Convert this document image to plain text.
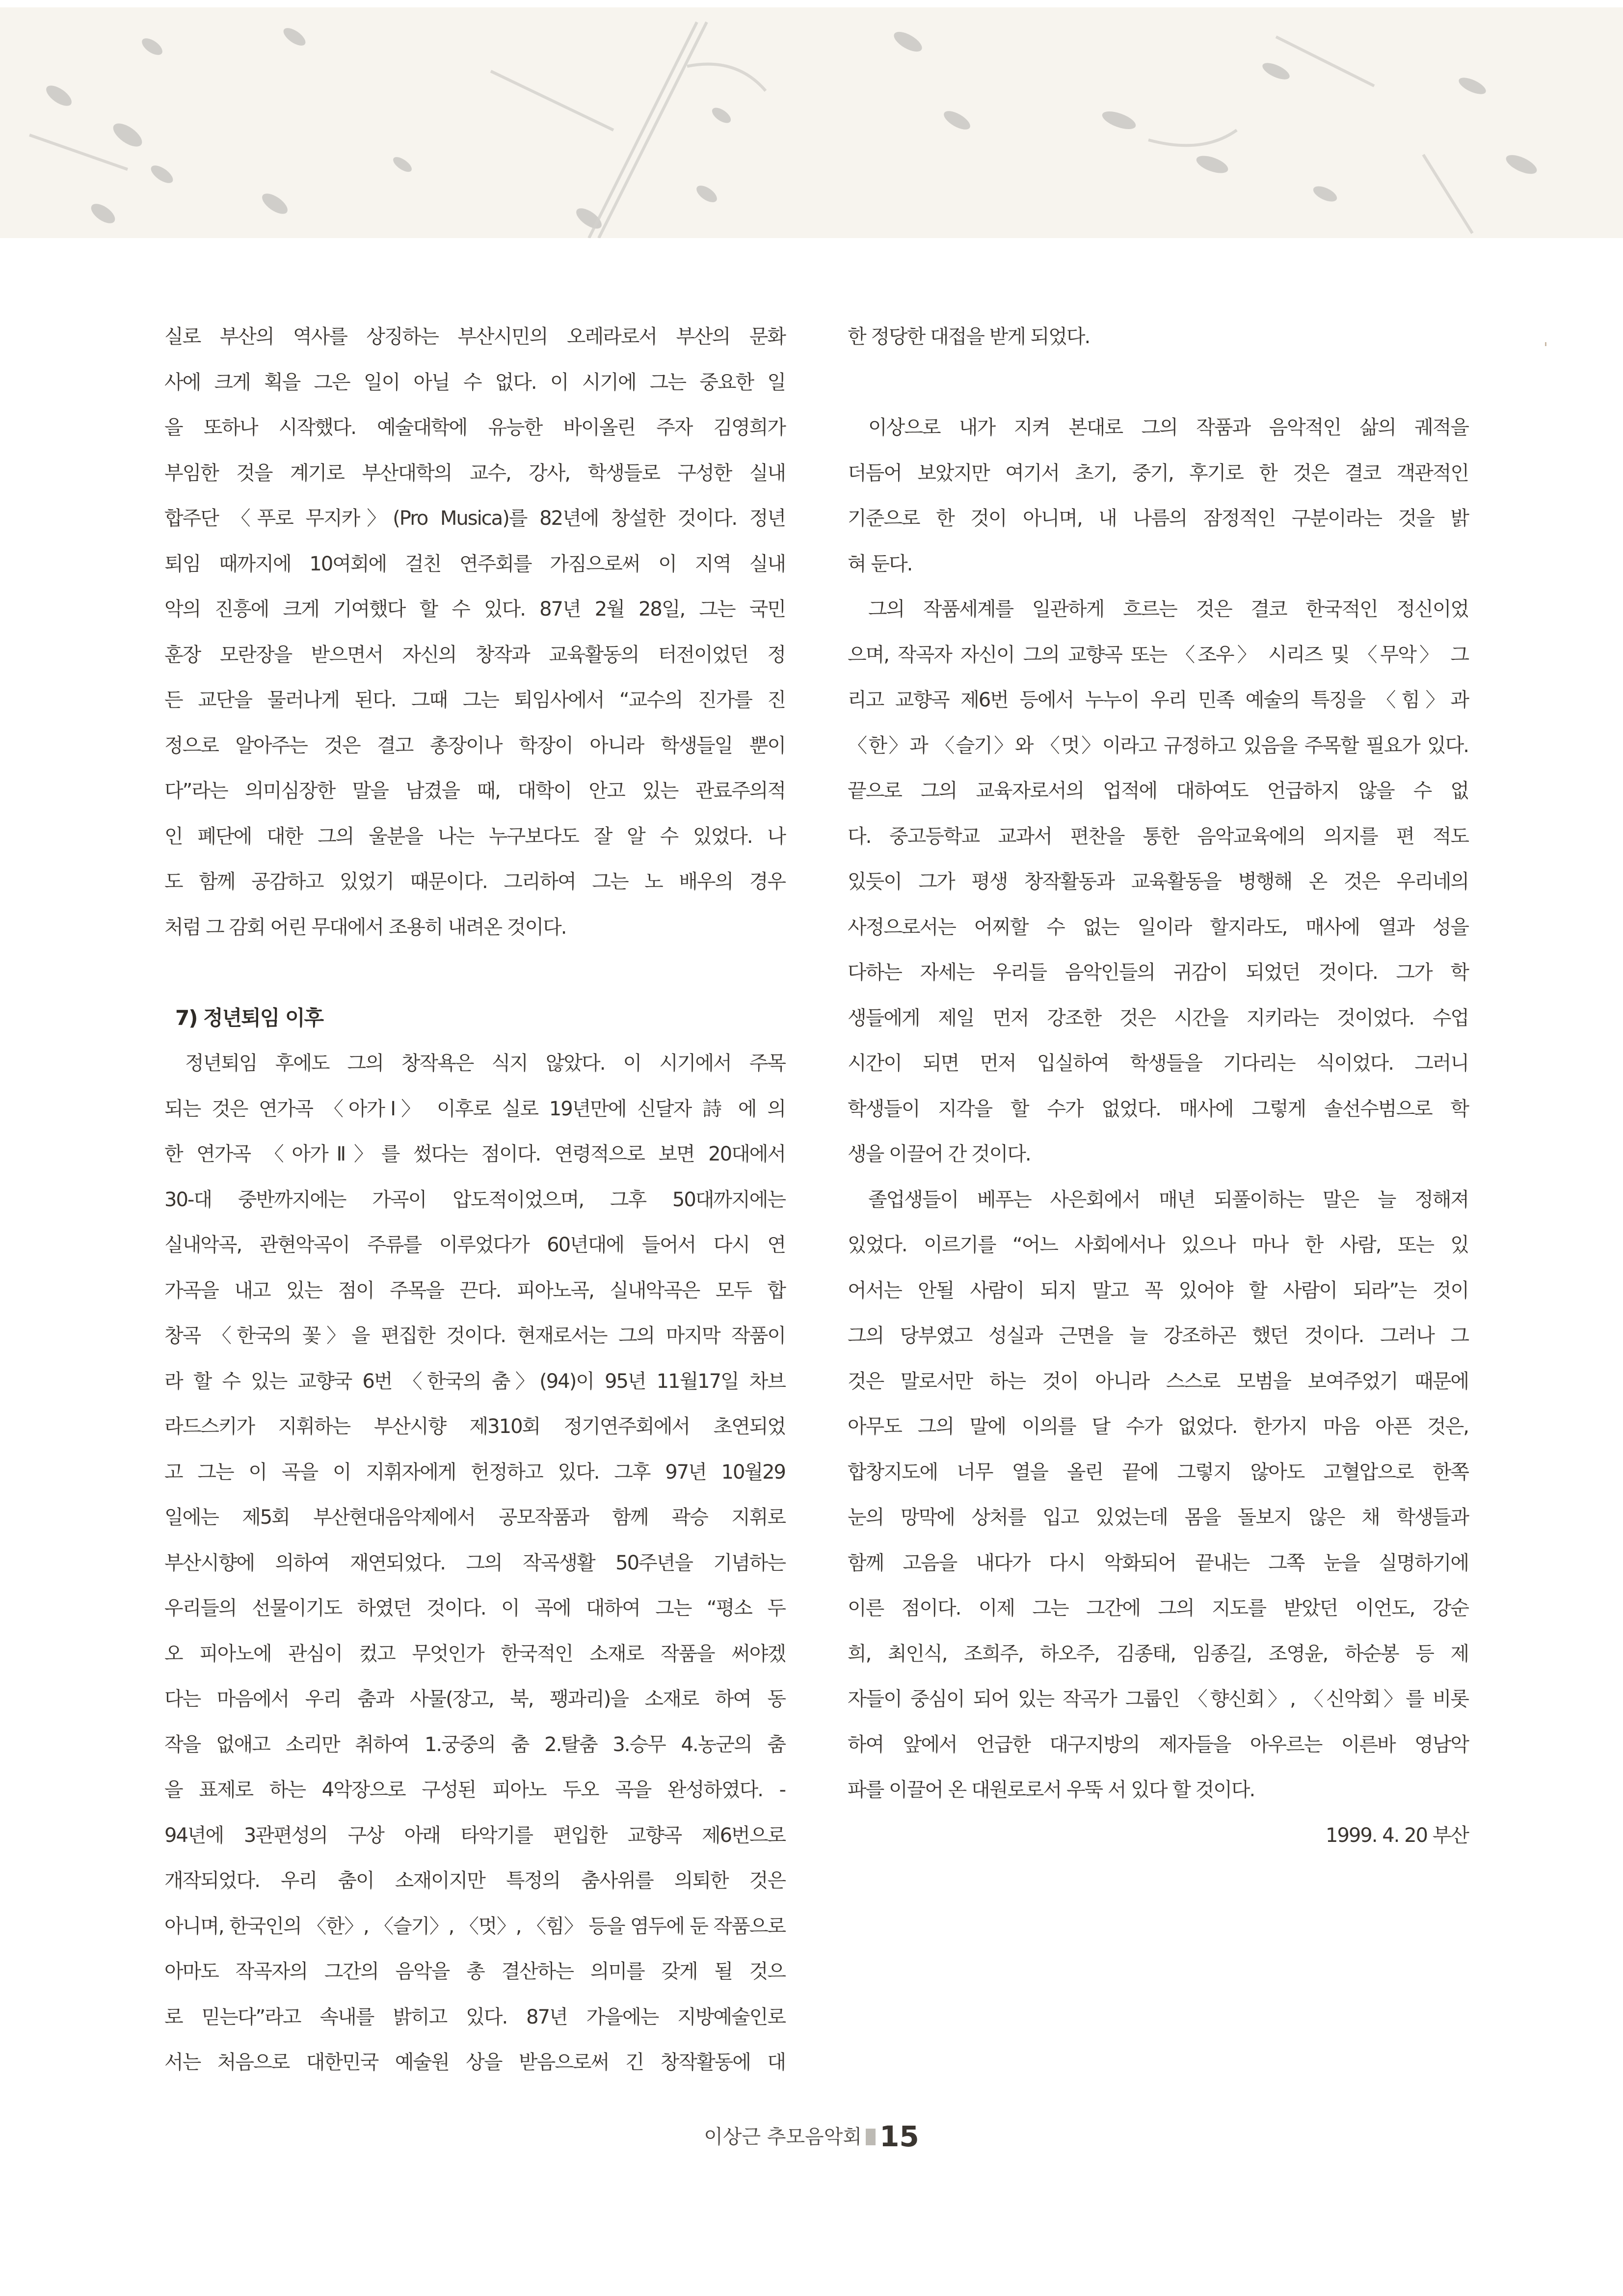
실로 부산의 역사를 상징하는 부산시민의 오레라로서 부산의 문화
사에 크게 획을 그은 일이 아닐 수 없다. 이 시기에 그는 중요한 일
을 또하나 시작했다. 예술대학에 유능한 바이올린 주자 김영희가
부임한 것을 계기로 부산대학의 교수, 강사, 학생들로 구성한 실내
합주단 〈푸로 무지카〉(Pro Musica)를 82년에 창설한 것이다. 정년
퇴임 때까지에 10여회에 걸친 연주회를 가짐으로써 이 지역 실내
악의 진흥에 크게 기여했다 할 수 있다. 87년 2월 28일, 그는 국민
훈장 모란장을 받으면서 자신의 창작과 교육활동의 터전이었던 정
든 교단을 물러나게 된다. 그때 그는 퇴임사에서 “교수의 진가를 진
정으로 알아주는 것은 결고 총장이나 학장이 아니라 학생들일 뿐이
다”라는 의미심장한 말을 남겼을 때, 대학이 안고 있는 관료주의적
인 폐단에 대한 그의 울분을 나는 누구보다도 잘 알 수 있었다. 나
도 함께 공감하고 있었기 때문이다. 그리하여 그는 노 배우의 경우
처럼 그 감회 어린 무대에서 조용히 내려온 것이다.
7) 정년퇴임 이후
정년퇴임 후에도 그의 창작욕은 식지 않았다. 이 시기에서 주목
되는 것은 연가곡 〈아가Ⅰ〉 이후로 실로 19년만에 신달자 詩 에 의
한 연가곡 〈아가Ⅱ〉를 썼다는 점이다. 연령적으로 보면 20대에서
30-대 중반까지에는 가곡이 압도적이었으며, 그후 50대까지에는
실내악곡, 관현악곡이 주류를 이루었다가 60년대에 들어서 다시 연
가곡을 내고 있는 점이 주목을 끈다. 피아노곡, 실내악곡은 모두 합
창곡 〈한국의 꽃〉을 편집한 것이다. 현재로서는 그의 마지막 작품이
라 할 수 있는 교향국 6번 〈한국의 춤〉(94)이 95년 11월17일 차브
라드스키가 지휘하는 부산시향 제310회 정기연주회에서 초연되었
고 그는 이 곡을 이 지휘자에게 헌정하고 있다. 그후 97년 10월29
일에는 제5회 부산현대음악제에서 공모작품과 함께 곽승 지휘로
부산시향에 의하여 재연되었다. 그의 작곡생활 50주년을 기념하는
우리들의 선물이기도 하였던 것이다. 이 곡에 대하여 그는 “평소 두
오 피아노에 관심이 컸고 무엇인가 한국적인 소재로 작품을 써야겠
다는 마음에서 우리 춤과 사물(장고, 북, 꽹과리)을 소재로 하여 동
작을 없애고 소리만 취하여 1.궁중의 춤 2.탈춤 3.승무 4.농군의 춤
을 표제로 하는 4악장으로 구성된 피아노 두오 곡을 완성하였다. -
94년에 3관편성의 구상 아래 타악기를 편입한 교향곡 제6번으로
개작되었다. 우리 춤이 소재이지만 특정의 춤사위를 의퇴한 것은
아니며, 한국인의 〈한〉, 〈슬기〉, 〈멋〉, 〈힘〉 등을 염두에 둔 작품으로
아마도 작곡자의 그간의 음악을 총 결산하는 의미를 갖게 될 것으
로 믿는다”라고 속내를 밝히고 있다. 87년 가을에는 지방예술인로
서는 처음으로 대한민국 예술원 상을 받음으로써 긴 창작활동에 대
한 정당한 대접을 받게 되었다.
이상으로 내가 지켜 본대로 그의 작품과 음악적인 삶의 궤적을
더듬어 보았지만 여기서 초기, 중기, 후기로 한 것은 결코 객관적인
기준으로 한 것이 아니며, 내 나름의 잠정적인 구분이라는 것을 밝
혀 둔다.
그의 작품세계를 일관하게 흐르는 것은 결코 한국적인 정신이었
으며, 작곡자 자신이 그의 교향곡 또는 〈조우〉 시리즈 및 〈무악〉 그
리고 교향곡 제6번 등에서 누누이 우리 민족 예술의 특징을 〈힘〉과
〈한〉과 〈슬기〉와 〈멋〉이라고 규정하고 있음을 주목할 필요가 있다.
끝으로 그의 교육자로서의 업적에 대하여도 언급하지 않을 수 없
다. 중고등학교 교과서 편찬을 통한 음악교육에의 의지를 편 적도
있듯이 그가 평생 창작활동과 교육활동을 병행해 온 것은 우리네의
사정으로서는 어찌할 수 없는 일이라 할지라도, 매사에 열과 성을
다하는 자세는 우리들 음악인들의 귀감이 되었던 것이다. 그가 학
생들에게 제일 먼저 강조한 것은 시간을 지키라는 것이었다. 수업
시간이 되면 먼저 입실하여 학생들을 기다리는 식이었다. 그러니
학생들이 지각을 할 수가 없었다. 매사에 그렇게 솔선수범으로 학
생을 이끌어 간 것이다.
졸업생들이 베푸는 사은회에서 매년 되풀이하는 말은 늘 정해져
있었다. 이르기를 “어느 사회에서나 있으나 마나 한 사람, 또는 있
어서는 안될 사람이 되지 말고 꼭 있어야 할 사람이 되라”는 것이
그의 당부였고 성실과 근면을 늘 강조하곤 했던 것이다. 그러나 그
것은 말로서만 하는 것이 아니라 스스로 모범을 보여주었기 때문에
아무도 그의 말에 이의를 달 수가 없었다. 한가지 마음 아픈 것은,
합창지도에 너무 열을 올린 끝에 그렇지 않아도 고혈압으로 한쪽
눈의 망막에 상처를 입고 있었는데 몸을 돌보지 않은 채 학생들과
함께 고음을 내다가 다시 악화되어 끝내는 그쪽 눈을 실명하기에
이른 점이다. 이제 그는 그간에 그의 지도를 받았던 이언도, 강순
희, 최인식, 조희주, 하오주, 김종태, 임종길, 조영윤, 하순봉 등 제
자들이 중심이 되어 있는 작곡가 그룹인 〈향신회〉, 〈신악회〉를 비롯
하여 앞에서 언급한 대구지방의 제자들을 아우르는 이른바 영남악
파를 이끌어 온 대원로로서 우뚝 서 있다 할 것이다.
1999. 4. 20 부산
이상근 추모음악회 15
